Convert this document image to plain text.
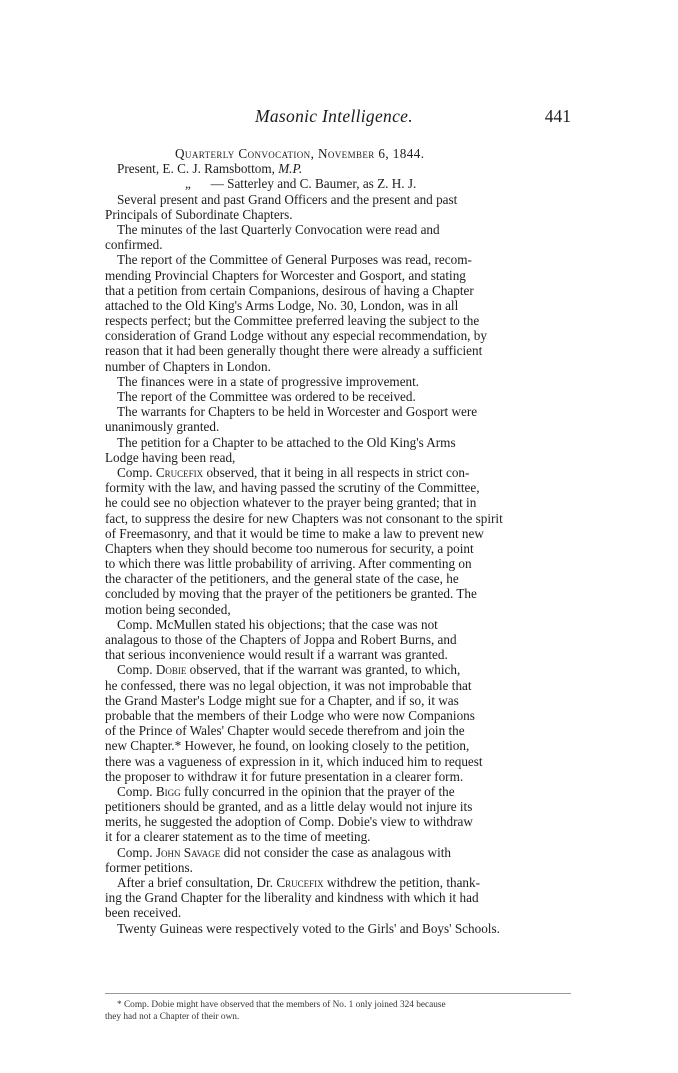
Masonic Intelligence.	441
Quarterly Convocation, November 6, 1844.
Present, E. C. J. Ramsbottom, M.P.
„      — Satterley and C. Baumer, as Z. H. J.
Several present and past Grand Officers and the present and past
Principals of Subordinate Chapters.
The minutes of the last Quarterly Convocation were read and
confirmed.
The report of the Committee of General Purposes was read, recom-
mending Provincial Chapters for Worcester and Gosport, and stating
that a petition from certain Companions, desirous of having a Chapter
attached to the Old King's Arms Lodge, No. 30, London, was in all
respects perfect; but the Committee preferred leaving the subject to the
consideration of Grand Lodge without any especial recommendation, by
reason that it had been generally thought there were already a sufficient
number of Chapters in London.
The finances were in a state of progressive improvement.
The report of the Committee was ordered to be received.
The warrants for Chapters to be held in Worcester and Gosport were
unanimously granted.
The petition for a Chapter to be attached to the Old King's Arms
Lodge having been read,
Comp. Crucefix observed, that it being in all respects in strict con-
formity with the law, and having passed the scrutiny of the Committee,
he could see no objection whatever to the prayer being granted; that in
fact, to suppress the desire for new Chapters was not consonant to the spirit
of Freemasonry, and that it would be time to make a law to prevent new
Chapters when they should become too numerous for security, a point
to which there was little probability of arriving. After commenting on
the character of the petitioners, and the general state of the case, he
concluded by moving that the prayer of the petitioners be granted. The
motion being seconded,
Comp. McMullen stated his objections; that the case was not
analagous to those of the Chapters of Joppa and Robert Burns, and
that serious inconvenience would result if a warrant was granted.
Comp. Dobie observed, that if the warrant was granted, to which,
he confessed, there was no legal objection, it was not improbable that
the Grand Master's Lodge might sue for a Chapter, and if so, it was
probable that the members of their Lodge who were now Companions
of the Prince of Wales' Chapter would secede therefrom and join the
new Chapter.* However, he found, on looking closely to the petition,
there was a vagueness of expression in it, which induced him to request
the proposer to withdraw it for future presentation in a clearer form.
Comp. Bigg fully concurred in the opinion that the prayer of the
petitioners should be granted, and as a little delay would not injure its
merits, he suggested the adoption of Comp. Dobie's view to withdraw
it for a clearer statement as to the time of meeting.
Comp. John Savage did not consider the case as analagous with
former petitions.
After a brief consultation, Dr. Crucefix withdrew the petition, thank-
ing the Grand Chapter for the liberality and kindness with which it had
been received.
Twenty Guineas were respectively voted to the Girls' and Boys' Schools.
* Comp. Dobie might have observed that the members of No. 1 only joined 324 because
they had not a Chapter of their own.
